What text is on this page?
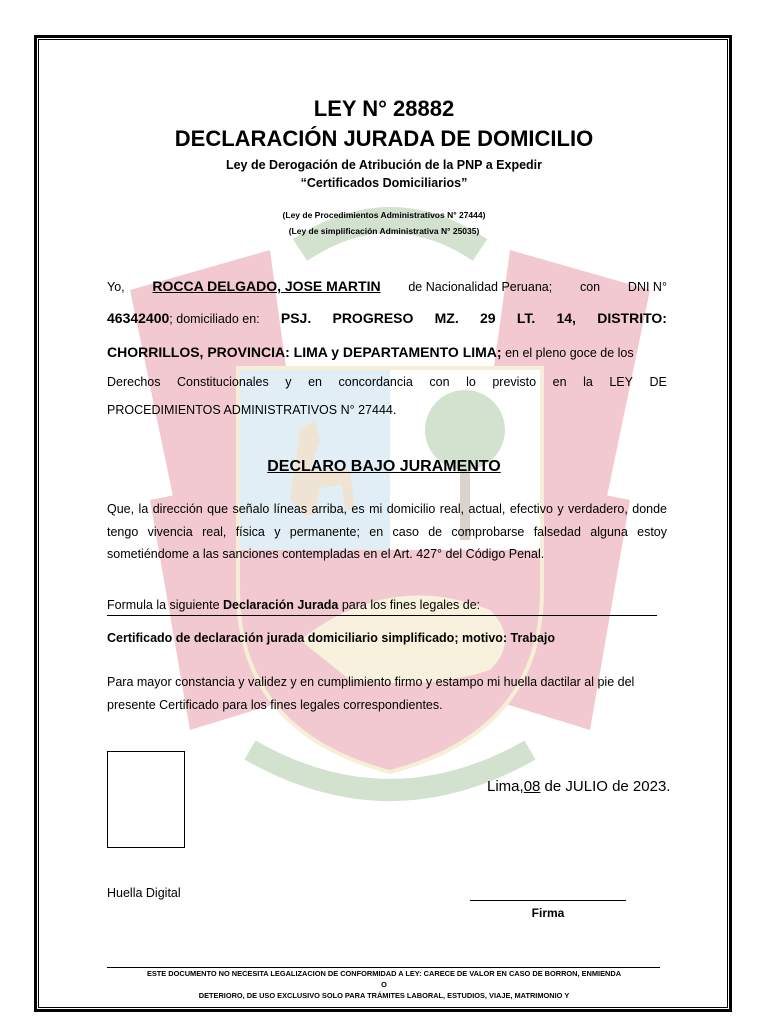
LEY N° 28882
DECLARACIÓN JURADA DE DOMICILIO
Ley de Derogación de Atribución de la PNP a Expedir
“Certificados Domiciliarios”
(Ley de Procedimientos Administrativos N° 27444)
(Ley de simplificación Administrativa N° 25035)
Yo, ROCCA DELGADO, JOSE MARTIN de Nacionalidad Peruana; con DNI N°
46342400; domiciliado en: PSJ. PROGRESO MZ. 29 LT. 14, DISTRITO:
CHORRILLOS, PROVINCIA: LIMA y DEPARTAMENTO LIMA; en el pleno goce de los
Derechos Constitucionales y en concordancia con lo previsto en la LEY DE
PROCEDIMIENTOS ADMINISTRATIVOS N° 27444.
DECLARO BAJO JURAMENTO
Que, la dirección que señalo líneas arriba, es mi domicilio real, actual, efectivo y verdadero, donde tengo vivencia real, física y permanente; en caso de comprobarse falsedad alguna estoy sometiéndome a las sanciones contempladas en el Art. 427° del Código Penal.
Formula la siguiente Declaración Jurada para los fines legales de:
Certificado de declaración jurada domiciliario simplificado; motivo: Trabajo
Para mayor constancia y validez y en cumplimiento firmo y estampo mi huella dactilar al pie del presente Certificado para los fines legales correspondientes.
Lima,08 de JULIO de 2023.
Huella Digital
Firma
ESTE DOCUMENTO NO NECESITA LEGALIZACION DE CONFORMIDAD A LEY: CARECE DE VALOR EN CASO DE BORRON, ENMIENDA
O
DETERIORO, DE USO EXCLUSIVO SOLO PARA TRÁMITES LABORAL, ESTUDIOS, VIAJE, MATRIMONIO Y
